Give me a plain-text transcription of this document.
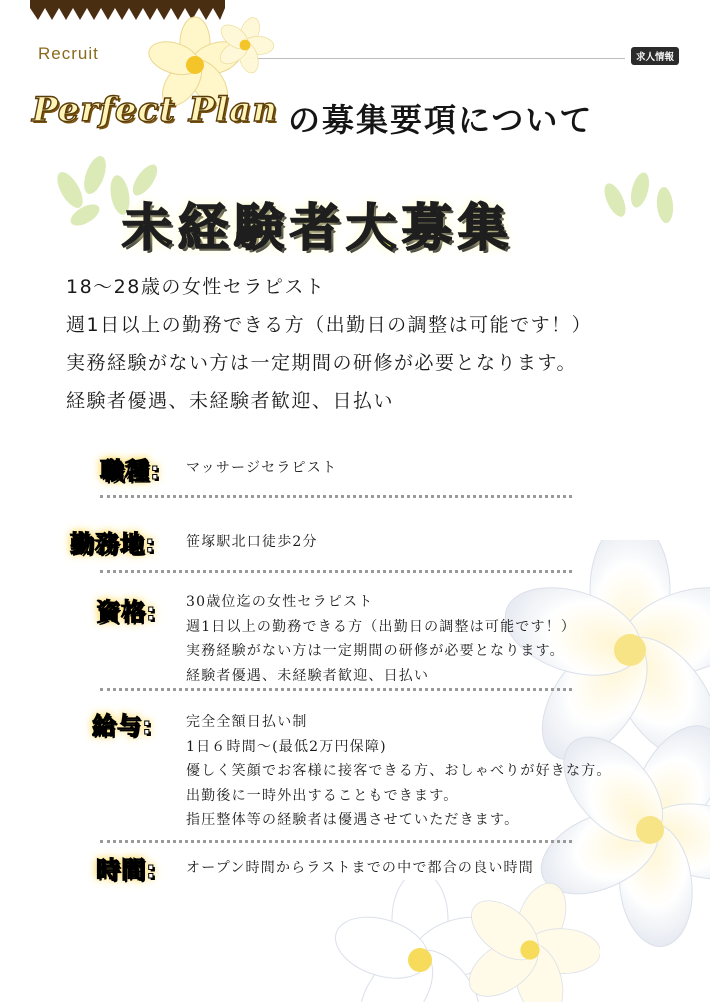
Recruit	求人情報
Perfect Plan の募集要項について
未経験者大募集
18～28歳の女性セラピスト
週1日以上の勤務できる方（出勤日の調整は可能です！）
実務経験がない方は一定期間の研修が必要となります。
経験者優遇、未経験者歓迎、日払い
職種: マッサージセラピスト
勤務地: 笹塚駅北口徒歩2分
資格: 30歳位迄の女性セラピスト
週1日以上の勤務できる方（出勤日の調整は可能です！）
実務経験がない方は一定期間の研修が必要となります。
経験者優遇、未経験者歓迎、日払い
給与: 完全全額日払い制
1日６時間～(最低2万円保障)
優しく笑顔でお客様に接客できる方、おしゃべりが好きな方。
出勤後に一時外出することもできます。
指圧整体等の経験者は優遇させていただきます。
時間: オープン時間からラストまでの中で都合の良い時間
